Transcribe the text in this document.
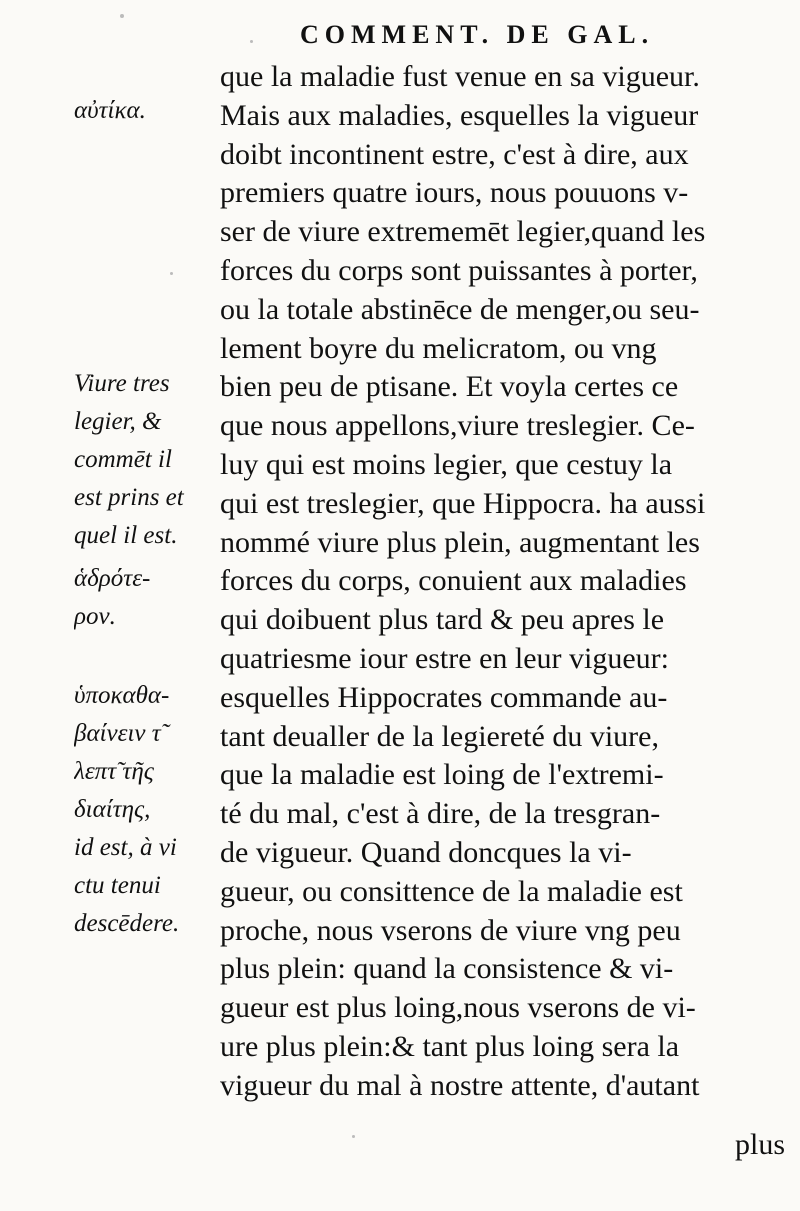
COMMENT. DE GAL.
αὐτίκα.
Viure tres
legier, &
commēt il
est prins et
quel il est.
ἁδρότε-
ρον.
ὑποκαθα-
βαίνειν τ̃
λεπτ̃ τῆς
διαίτης,
id est, à vi
ctu tenui
descēdere.
que la maladie fust venue en sa vigueur.
Mais aux maladies, esquelles la vigueur
doibt incontinent estre, c'est à dire, aux
premiers quatre iours, nous pouuons v-
ser de viure extrememēt legier,quand les
forces du corps sont puissantes à porter,
ou la totale abstinēce de menger,ou seu-
lement boyre du melicratom, ou vng
bien peu de ptisane. Et voyla certes ce
que nous appellons,viure treslegier. Ce-
luy qui est moins legier, que cestuy la
qui est treslegier, que Hippocra. ha aussi
nommé viure plus plein, augmentant les
forces du corps, conuient aux maladies
qui doibuent plus tard & peu apres le
quatriesme iour estre en leur vigueur:
esquelles Hippocrates commande au-
tant deualler de la legiereté du viure,
que la maladie est loing de l'extremi-
té du mal, c'est à dire, de la tresgran-
de vigueur. Quand doncques la vi-
gueur, ou consittence de la maladie est
proche, nous vserons de viure vng peu
plus plein: quand la consistence & vi-
gueur est plus loing,nous vserons de vi-
ure plus plein:& tant plus loing sera la
vigueur du mal à nostre attente, d'autant
plus
